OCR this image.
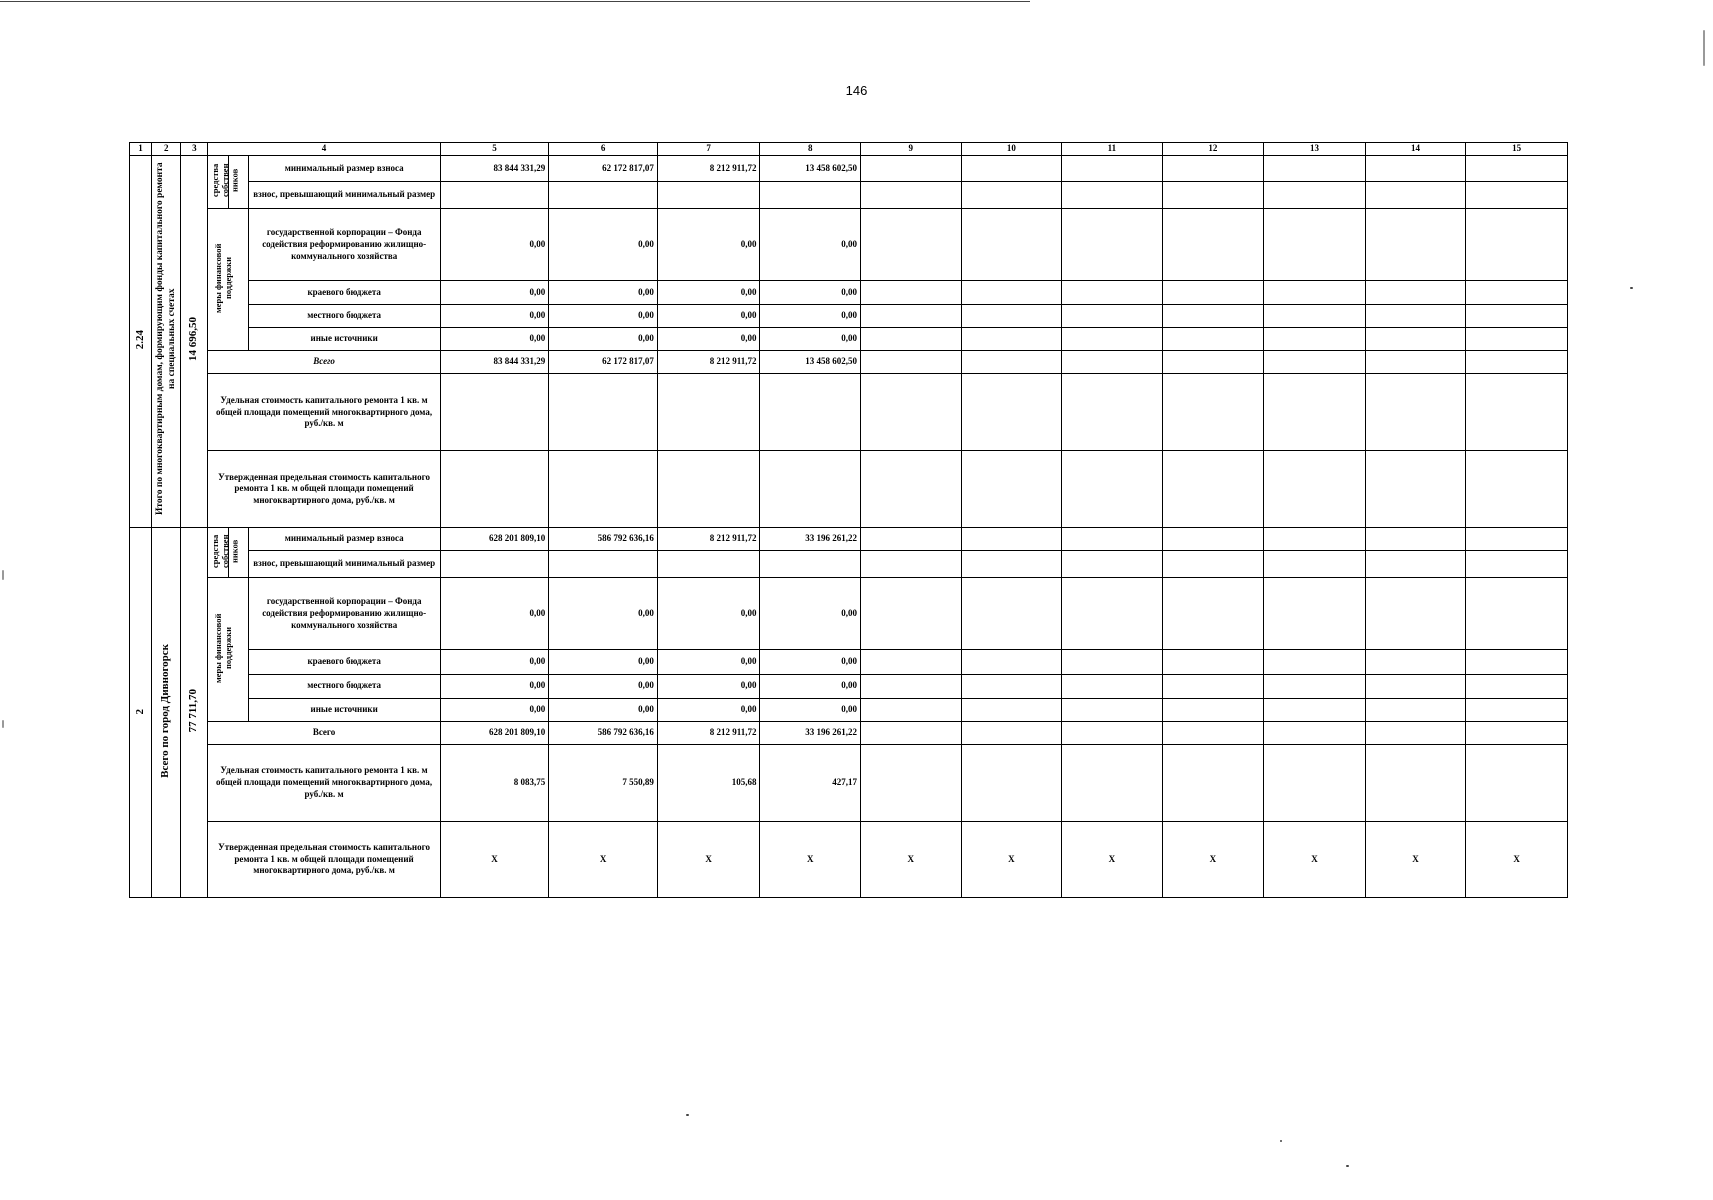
146
1	2	3	4			5	6	7	8	9	10	11	12	13	14	15
2.24	Итого по многоквартирным домам, формирующим фонды капитального ремонта на специальных счетах	14 696,50	средства собствен ников		минимальный размер взноса	83 844 331,29	62 172 817,07	8 212 911,72	13 458 602,50							
					взнос, превышающий минимальный размер											
			меры финансовой поддержки		государственной корпорации – Фонда содействия реформированию жилищно-коммунального хозяйства	0,00	0,00	0,00	0,00							
					краевого бюджета	0,00	0,00	0,00	0,00							
					местного бюджета	0,00	0,00	0,00	0,00							
					иные источники	0,00	0,00	0,00	0,00							
			Всего			83 844 331,29	62 172 817,07	8 212 911,72	13 458 602,50							
			Удельная стоимость капитального ремонта 1 кв. м общей площади помещений многоквартирного дома, руб./кв. м													
			Утвержденная предельная стоимость капитального ремонта 1 кв. м общей площади помещений многоквартирного дома, руб./кв. м													
2	Всего по город Дивногорск	77 711,70	средства собствен ников		минимальный размер взноса	628 201 809,10	586 792 636,16	8 212 911,72	33 196 261,22							
					взнос, превышающий минимальный размер											
			меры финансовой поддержки		государственной корпорации – Фонда содействия реформированию жилищно-коммунального хозяйства	0,00	0,00	0,00	0,00							
					краевого бюджета	0,00	0,00	0,00	0,00							
					местного бюджета	0,00	0,00	0,00	0,00							
					иные источники	0,00	0,00	0,00	0,00							
			Всего			628 201 809,10	586 792 636,16	8 212 911,72	33 196 261,22							
			Удельная стоимость капитального ремонта 1 кв. м общей площади помещений многоквартирного дома, руб./кв. м			8 083,75	7 550,89	105,68	427,17							
			Утвержденная предельная стоимость капитального ремонта 1 кв. м общей площади помещений многоквартирного дома, руб./кв. м			X	X	X	X	X	X	X	X	X	X	X
